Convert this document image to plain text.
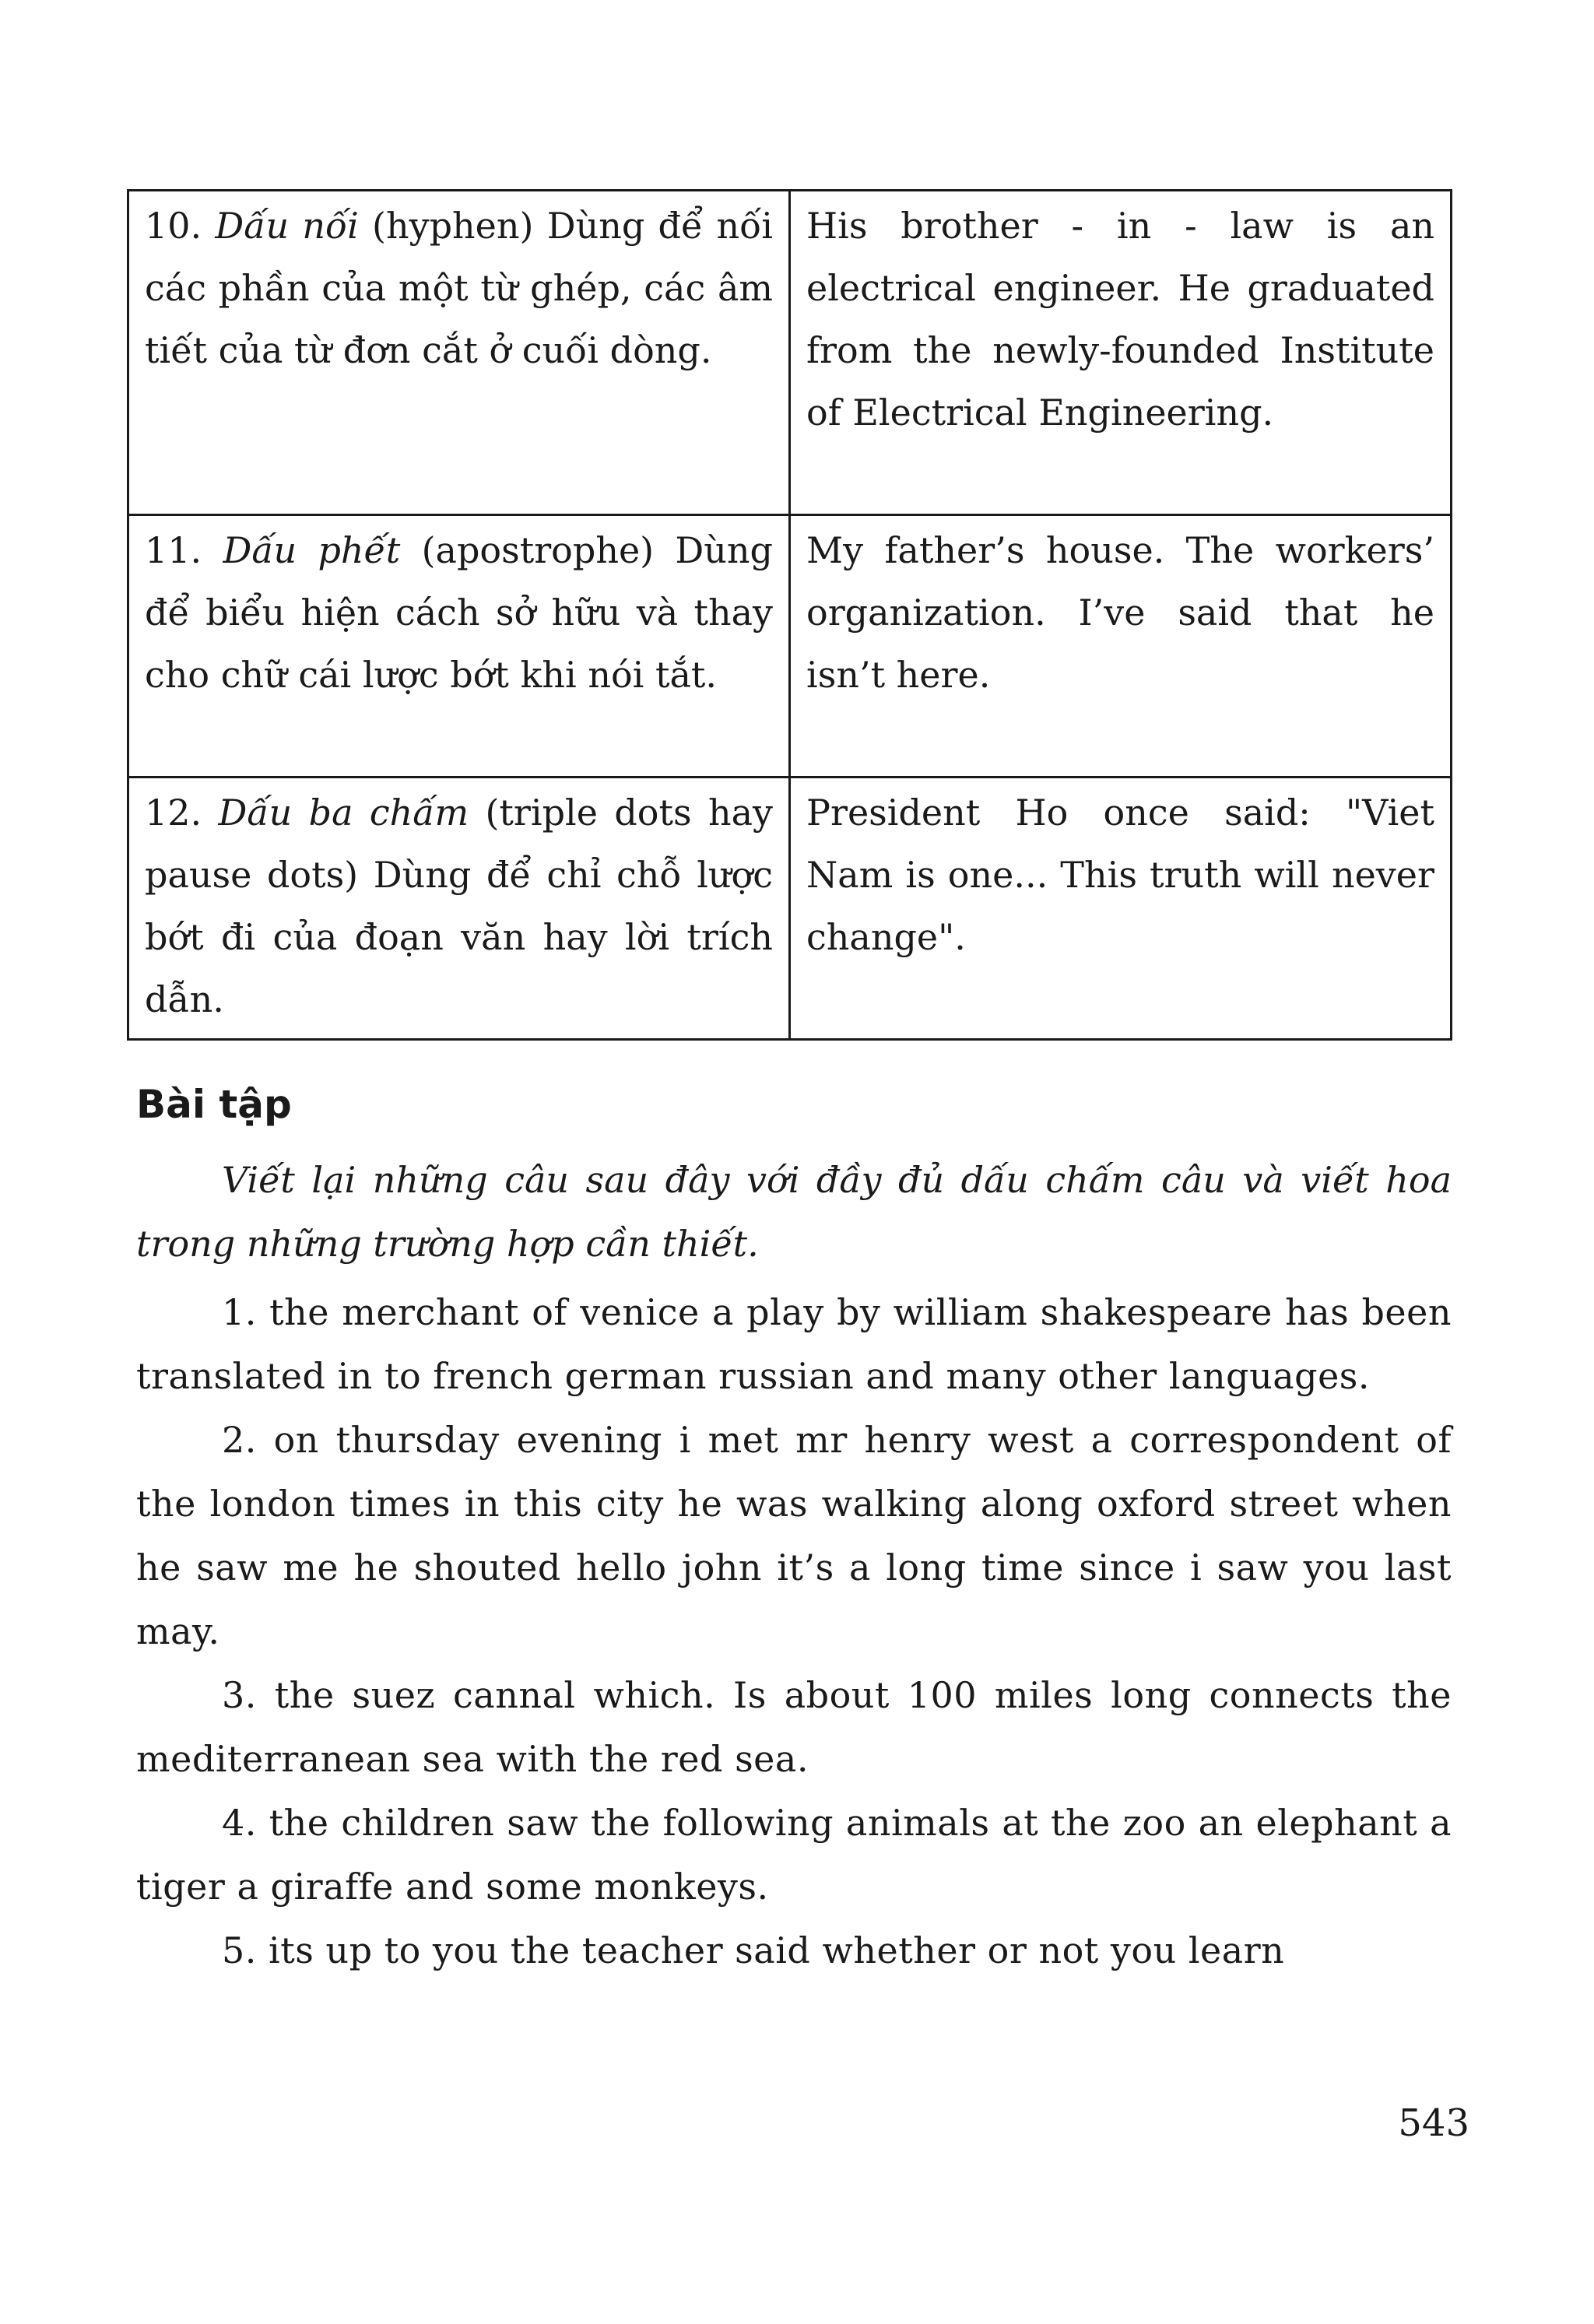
10. Dấu nối (hyphen) Dùng để nối các phần của một từ ghép, các âm tiết của từ đơn cắt ở cuối dòng.	His brother - in - law is an electrical engineer. He graduated from the newly-founded Institute of Electrical Engineering.
11. Dấu phết (apostrophe) Dùng để biểu hiện cách sở hữu và thay cho chữ cái lược bớt khi nói tắt.	My father’s house. The workers’ organization. I’ve said that he isn’t here.
12. Dấu ba chấm (triple dots hay pause dots) Dùng để chỉ chỗ lược bớt đi của đoạn văn hay lời trích dẫn.	President Ho once said: "Viet Nam is one... This truth will never change".
Bài tập

Viết lại những câu sau đây với đầy đủ dấu chấm câu và viết hoa trong những trường hợp cần thiết.

1. the merchant of venice a play by william shakespeare has been translated in to french german russian and many other languages.

2. on thursday evening i met mr henry west a correspondent of the london times in this city he was walking along oxford street when he saw me he shouted hello john it’s a long time since i saw you last may.

3. the suez cannal which. Is about 100 miles long connects the mediterranean sea with the red sea.

4. the children saw the following animals at the zoo an elephant a tiger a giraffe and some monkeys.

5. its up to you the teacher said whether or not you learn

543
